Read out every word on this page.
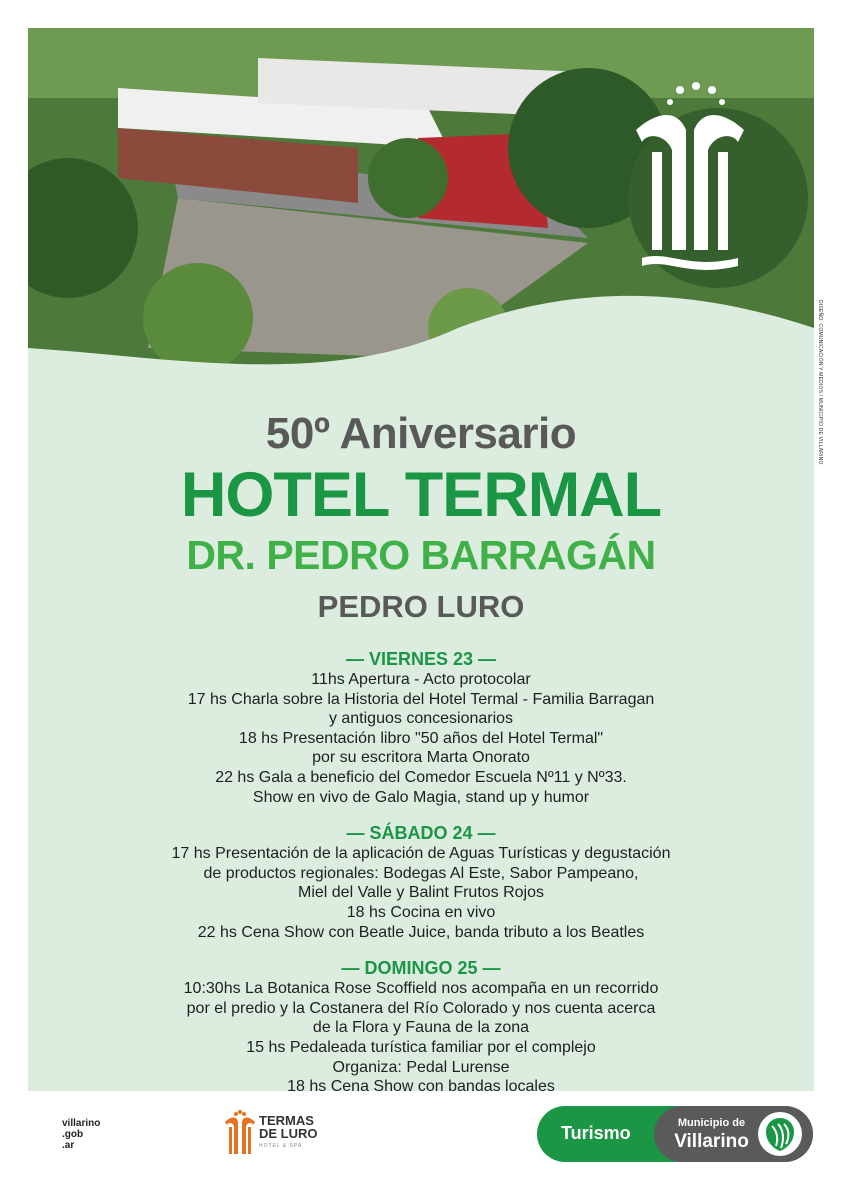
50º Aniversario
HOTEL TERMAL
DR. PEDRO BARRAGÁN
PEDRO LURO
— VIERNES 23 —
11hs Apertura - Acto protocolar
17 hs Charla sobre la Historia del Hotel Termal - Familia Barragan
y antiguos concesionarios
18 hs Presentación libro "50 años del Hotel Termal"
por su escritora Marta Onorato
22 hs Gala a beneficio del Comedor Escuela Nº11 y Nº33.
Show en vivo de Galo Magia, stand up y humor
— SÁBADO 24 —
17 hs Presentación de la aplicación de Aguas Turísticas y degustación
de productos regionales: Bodegas Al Este, Sabor Pampeano,
Miel del Valle y Balint Frutos Rojos
18 hs Cocina en vivo
22 hs Cena Show con Beatle Juice, banda tributo a los Beatles
— DOMINGO 25 —
10:30hs La Botanica Rose Scoffield nos acompaña en un recorrido
por el predio y la Costanera del Río Colorado y nos cuenta acerca
de la Flora y Fauna de la zona
15 hs Pedaleada turística familiar por el complejo
Organiza: Pedal Lurense
18 hs Cena Show con bandas locales
DISEÑO: COMUNICACIÓN Y MEDIOS / MUNICIPIO DE VILLARINO
villarino
.gob
.ar
TERMAS
DE LURO
HOTEL & SPA
Turismo	Municipio de
Villarino
